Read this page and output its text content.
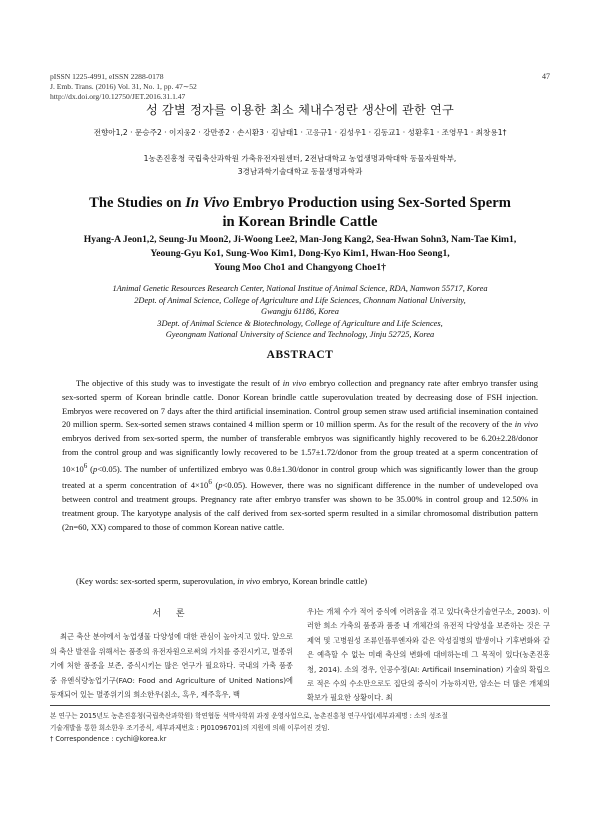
pISSN 1225-4991, eISSN 2288-0178
J. Emb. Trans. (2016) Vol. 31, No. 1, pp. 47∼52
http://dx.doi.org/10.12750/JET.2016.31.1.47
47
성 감별 정자를 이용한 최소 체내수정란 생산에 관한 연구
전향아1,2 · 문승주2 · 이지웅2 · 강만종2 · 손시환3 · 김남태1 · 고응규1 · 김성우1 · 김동교1 · 성환후1 · 조영무1 · 최창용1†
1농촌진흥청 국립축산과학원 가축유전자원센터, 2전남대학교 농업생명과학대학 동물자원학부,
3경남과학기술대학교 동물생명과학과
The Studies on In Vivo Embryo Production using Sex-Sorted Sperm
in Korean Brindle Cattle
Hyang-A Jeon1,2, Seung-Ju Moon2, Ji-Woong Lee2, Man-Jong Kang2, Sea-Hwan Sohn3, Nam-Tae Kim1,
Yeoung-Gyu Ko1, Sung-Woo Kim1, Dong-Kyo Kim1, Hwan-Hoo Seong1,
Young Moo Cho1 and Changyong Choe1†

1Animal Genetic Resources Research Center, National Institue of Animal Science, RDA, Namwon 55717, Korea

2Dept. of Animal Science, College of Agriculture and Life Sciences, Chonnam National University,

Gwangju 61186, Korea

3Dept. of Animal Science & Biotechnology, College of Agriculture and Life Sciences,

Gyeongnam National University of Science and Technology, Jinju 52725, Korea

ABSTRACT

The objective of this study was to investigate the result of in vivo embryo collection and pregnancy rate after embryo transfer using sex-sorted sperm of Korean brindle cattle. Donor Korean brindle cattle superovulation treated by decreasing dose of FSH injection. Embryos were recovered on 7 days after the third artificial insemination. Control group semen straw used artificial insemination contained 20 million sperm. Sex-sorted semen straws contained 4 million sperm or 10 million sperm. As for the result of the recovery of the in vivo embryos derived from sex-sorted sperm, the number of transferable embryos was significantly highly recovered to be 6.20±2.28/donor from the control group and was significantly lowly recovered to be 1.57±1.72/donor from the group treated at a sperm concentration of $10\times 10^6$ (p<0.05). The number of unfertilized embryo was 0.8±1.30/donor in control group which was significantly lower than the group treated at a sperm concentration of $4\times 10^6$ (p<0.05). However, there was no significant difference in the number of undeveloped ova between control and treatment groups. Pregnancy rate after embryo transfer was shown to be 35.00% in control group and 12.50% in treatment group. The karyotype analysis of the calf derived from sex-sorted sperm resulted in a similar chromosomal distribution pattern (2n=60, XX) compared to those of common Korean native cattle.

(Key words: sex-sorted sperm, superovulation, in vivo embryo, Korean brindle cattle)

서 론

최근 축산 분야에서 농업생물 다양성에 대한 관심이 높아지고 있다. 앞으로의 축산 발전을 위해서는 품종의 유전자원으로써의 가치를 증진시키고, 멸종위기에 처한 품종을 보존, 증식시키는 많은 연구가 필요하다. 국내의 가축 품종 중 유엔식량농업기구(FAO: Food and Agriculture of United Nations)에 등재되어 있는 멸종위기의 희소한우(칡소, 흑우, 제주흑우, 백

우)는 개체 수가 적어 증식에 어려움을 겪고 있다(축산기술연구소, 2003). 이러한 희소 가축의 품종과 품종 내 개체간의 유전적 다양성을 보존하는 것은 구제역 및 고병원성 조류인플루엔자와 같은 악성질병의 발생이나 기후변화와 같은 예측할 수 없는 미래 축산의 변화에 대비하는데 그 목적이 있다(농촌진흥청, 2014). 소의 경우, 인공수정(AI: Artificail Insemination) 기술의 확립으로 적은 수의 수소만으로도 집단의 증식이 가능하지만, 암소는 더 많은 개체의 확보가 필요한 상황이다. 최

본 연구는 2015년도 농촌진흥청(국립축산과학원) 학연협동 석박사학위 과정 운영사업으로, 농촌진흥청 연구사업(세부과제명 : 소의 성조절

기술개발을 통한 희소한우 조기증식, 세부과제번호 : PJ01096701)의 지원에 의해 이루어진 것임.

† Correspondence : cychi@korea.kr
